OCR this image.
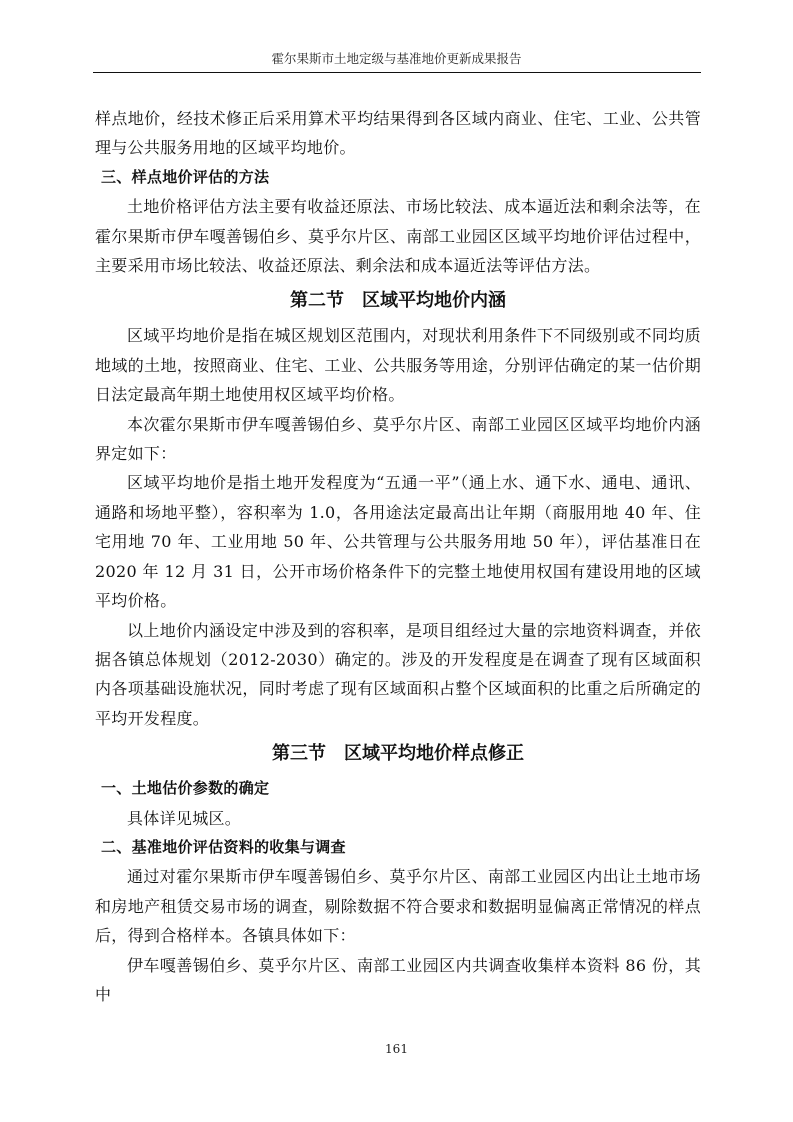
霍尔果斯市土地定级与基准地价更新成果报告

样点地价，经技术修正后采用算术平均结果得到各区域内商业、住宅、工业、公共管理与公共服务用地的区域平均地价。

三、样点地价评估的方法

土地价格评估方法主要有收益还原法、市场比较法、成本逼近法和剩余法等，在霍尔果斯市伊车嘎善锡伯乡、莫乎尔片区、南部工业园区区域平均地价评估过程中，主要采用市场比较法、收益还原法、剩余法和成本逼近法等评估方法。

第二节　区域平均地价内涵

区域平均地价是指在城区规划区范围内，对现状利用条件下不同级别或不同均质地域的土地，按照商业、住宅、工业、公共服务等用途，分别评估确定的某一估价期日法定最高年期土地使用权区域平均价格。

本次霍尔果斯市伊车嘎善锡伯乡、莫乎尔片区、南部工业园区区域平均地价内涵界定如下：

区域平均地价是指土地开发程度为“五通一平”（通上水、通下水、通电、通讯、通路和场地平整），容积率为 1.0，各用途法定最高出让年期（商服用地 40 年、住宅用地 70 年、工业用地 50 年、公共管理与公共服务用地 50 年），评估基准日在 2020 年 12 月 31 日，公开市场价格条件下的完整土地使用权国有建设用地的区域平均价格。

以上地价内涵设定中涉及到的容积率，是项目组经过大量的宗地资料调查，并依据各镇总体规划（2012-2030）确定的。涉及的开发程度是在调查了现有区域面积内各项基础设施状况，同时考虑了现有区域面积占整个区域面积的比重之后所确定的平均开发程度。

第三节　区域平均地价样点修正

一、土地估价参数的确定

具体详见城区。

二、基准地价评估资料的收集与调查

通过对霍尔果斯市伊车嘎善锡伯乡、莫乎尔片区、南部工业园区内出让土地市场和房地产租赁交易市场的调查，剔除数据不符合要求和数据明显偏离正常情况的样点后，得到合格样本。各镇具体如下：

伊车嘎善锡伯乡、莫乎尔片区、南部工业园区内共调查收集样本资料 86 份，其中

161
